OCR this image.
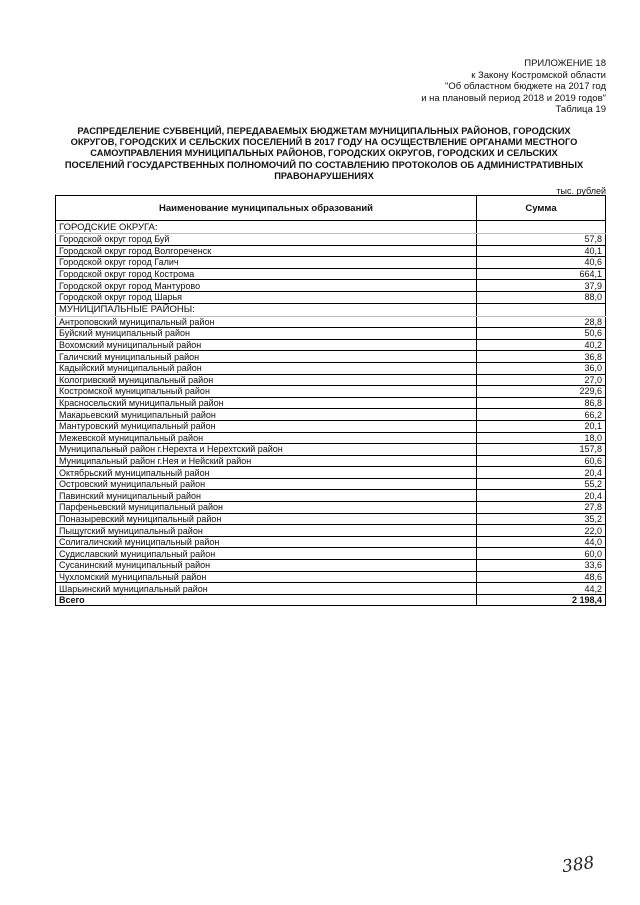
ПРИЛОЖЕНИЕ 18
к Закону Костромской области
"Об областном бюджете на 2017 год
и на плановый период 2018 и 2019 годов"
Таблица 19
РАСПРЕДЕЛЕНИЕ СУБВЕНЦИЙ, ПЕРЕДАВАЕМЫХ БЮДЖЕТАМ МУНИЦИПАЛЬНЫХ РАЙОНОВ, ГОРОДСКИХ ОКРУГОВ, ГОРОДСКИХ И СЕЛЬСКИХ ПОСЕЛЕНИЙ В 2017 ГОДУ НА ОСУЩЕСТВЛЕНИЕ ОРГАНАМИ МЕСТНОГО САМОУПРАВЛЕНИЯ МУНИЦИПАЛЬНЫХ РАЙОНОВ, ГОРОДСКИХ ОКРУГОВ, ГОРОДСКИХ И СЕЛЬСКИХ ПОСЕЛЕНИЙ ГОСУДАРСТВЕННЫХ ПОЛНОМОЧИЙ ПО СОСТАВЛЕНИЮ ПРОТОКОЛОВ ОБ АДМИНИСТРАТИВНЫХ ПРАВОНАРУШЕНИЯХ
тыс. рублей
Наименование муниципальных образований	Сумма
ГОРОДСКИЕ ОКРУГА:	
Городской округ город Буй	57,8
Городской округ город Волгореченск	40,1
Городской округ город Галич	40,6
Городской округ город Кострома	664,1
Городской округ город Мантурово	37,9
Городской округ город Шарья	88,0
МУНИЦИПАЛЬНЫЕ РАЙОНЫ:	
Антроповский муниципальный район	28,8
Буйский муниципальный район	50,6
Вохомский муниципальный район	40,2
Галичский муниципальный район	36,8
Кадыйский муниципальный район	36,0
Кологривский муниципальный район	27,0
Костромской муниципальный район	229,6
Красносельский муниципальный район	86,8
Макарьевский муниципальный район	66,2
Мантуровский муниципальный район	20,1
Межевской муниципальный район	18,0
Муниципальный район г.Нерехта и Нерехтский район	157,8
Муниципальный район г.Нея и Нейский район	60,6
Октябрьский муниципальный район	20,4
Островский муниципальный район	55,2
Павинский муниципальный район	20,4
Парфеньевский муниципальный район	27,8
Поназыревский муниципальный район	35,2
Пыщугский муниципальный район	22,0
Солигаличский муниципальный район	44,0
Судиславский муниципальный район	60,0
Сусанинский муниципальный район	33,6
Чухломский муниципальный район	48,6
Шарьинский муниципальный район	44,2
Всего	2 198,4
388
